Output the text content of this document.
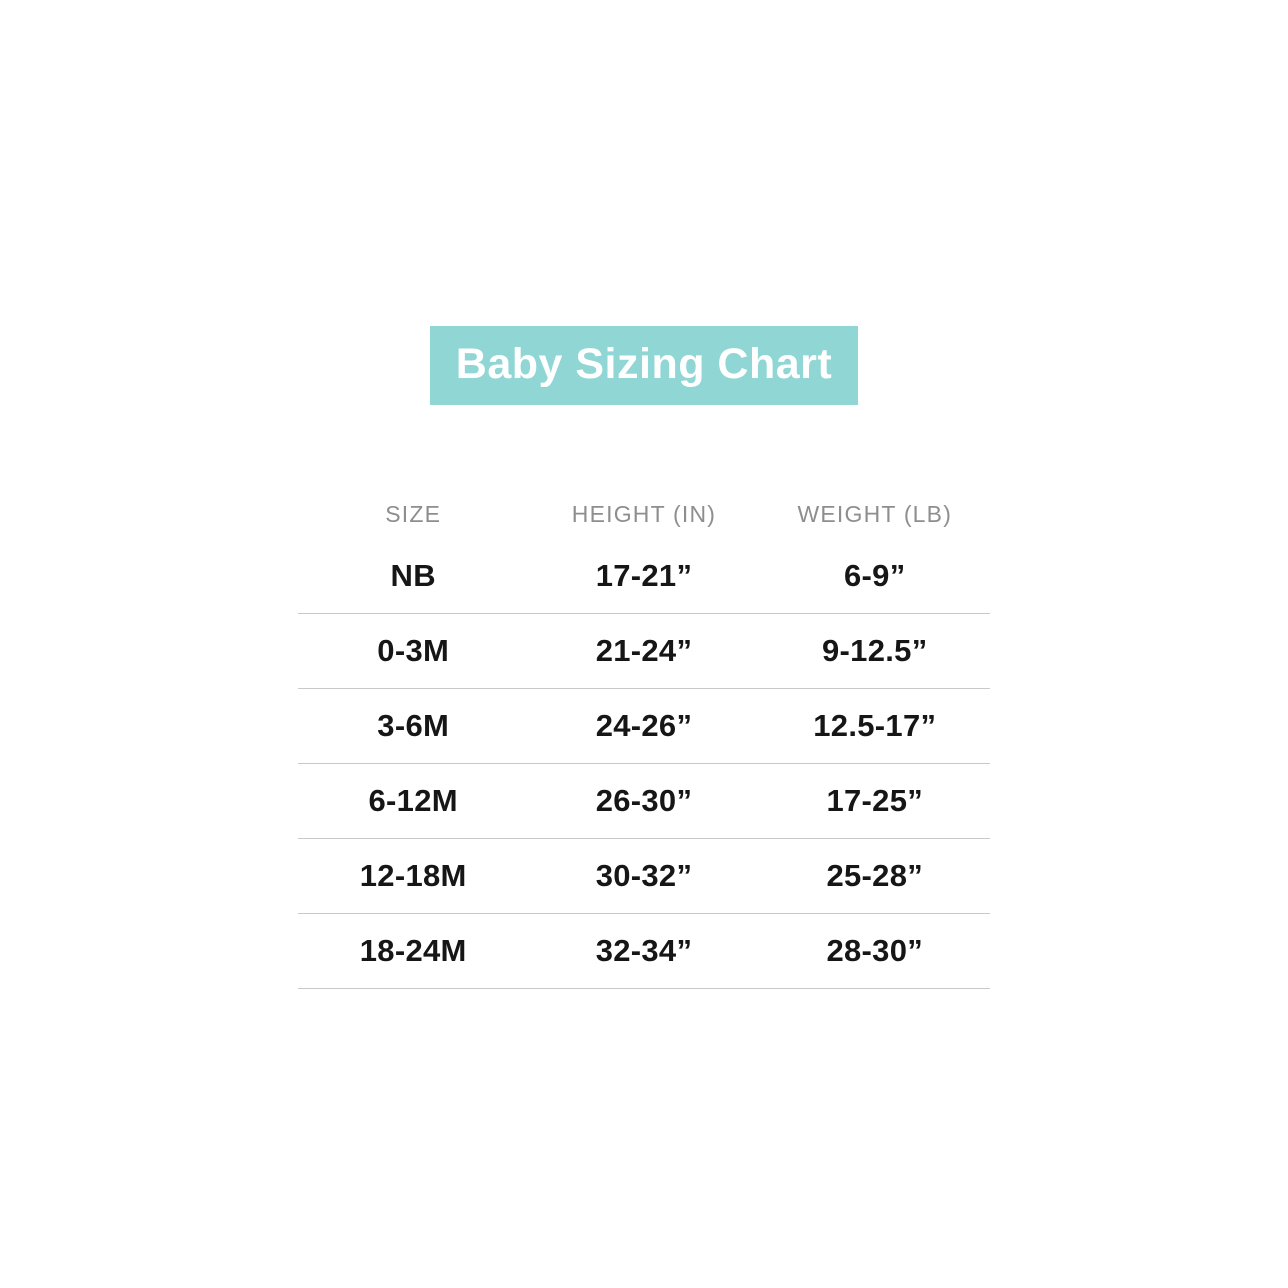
Baby Sizing Chart
SIZE	HEIGHT (IN)	WEIGHT (LB)
NB	17-21”	6-9”
0-3M	21-24”	9-12.5”
3-6M	24-26”	12.5-17”
6-12M	26-30”	17-25”
12-18M	30-32”	25-28”
18-24M	32-34”	28-30”
